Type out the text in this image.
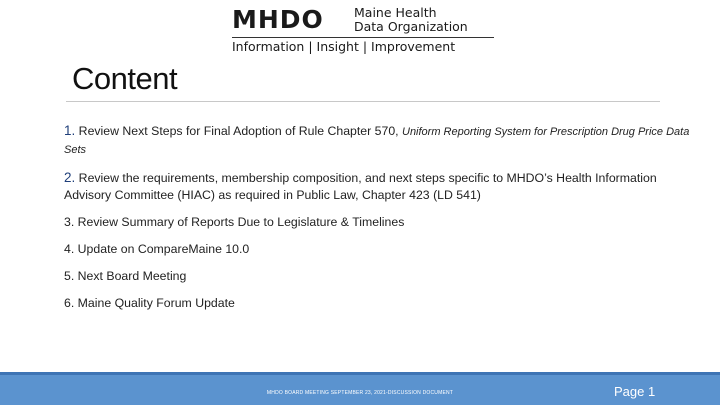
MHDO Maine Health
Data Organization
Information | Insight | Improvement
Content
1. Review Next Steps for Final Adoption of Rule Chapter 570, Uniform Reporting System for Prescription Drug Price Data Sets
2. Review the requirements, membership composition, and next steps specific to MHDO’s Health Information Advisory Committee (HIAC) as required in Public Law, Chapter 423 (LD 541)
3. Review Summary of Reports Due to Legislature & Timelines
4. Update on CompareMaine 10.0
5. Next Board Meeting
6. Maine Quality Forum Update
MHDO BOARD MEETING SEPTEMBER 23, 2021-DISCUSSION DOCUMENT	Page 1
